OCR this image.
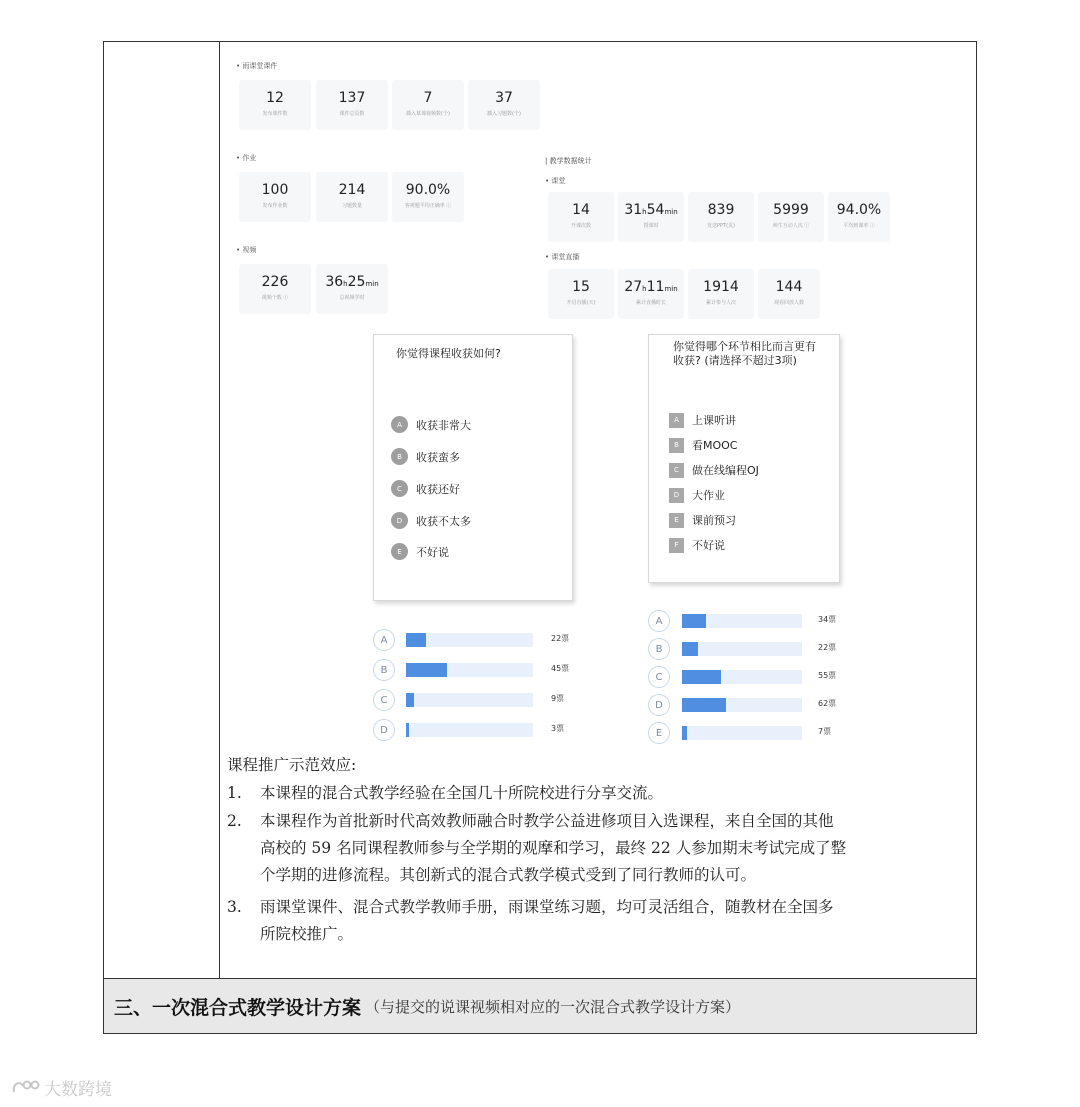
三、一次混合式教学设计方案 （与提交的说课视频相对应的一次混合式教学设计方案）
• 雨课堂课件
12
发布课件数
137
课件总页数
7
插入慕课视频数(个)
37
插入习题数(个)
• 作业
100
发布作业数
214
习题数量
90.0%
客观题平均正确率 ⓘ
• 视频
226
视频个数 ⓘ
36h25min
总视频学时
| 教学数据统计
• 课堂
14
开课次数
31h54min
授课时
839
发送PPT(页)
5999
师生互动人次 ⓘ
94.0%
平均到课率 ⓘ
• 课堂直播
15
开启直播(天)
27h11min
累计直播时长
1914
累计参与人次
144
观看回放人数
你觉得课程收获如何?
A	收获非常大
B	收获蛮多
C	收获还好
D	收获不太多
E	不好说
你觉得哪个环节相比而言更有
收获? (请选择不超过3项)
A	上课听讲
B	看MOOC
C	做在线编程OJ
D	大作业
E	课前预习
F	不好说
A	22票
B	45票
C	9票
D	3票
A	34票
B	22票
C	55票
D	62票
E	7票
课程推广示范效应:
1. 本课程的混合式教学经验在全国几十所院校进行分享交流。
2. 本课程作为首批新时代高效教师融合时教学公益进修项目入选课程，来自全国的其他
高校的 59 名同课程教师参与全学期的观摩和学习，最终 22 人参加期末考试完成了整
个学期的进修流程。其创新式的混合式教学模式受到了同行教师的认可。
3. 雨课堂课件、混合式教学教师手册，雨课堂练习题，均可灵活组合，随教材在全国多
所院校推广。
大数跨境
